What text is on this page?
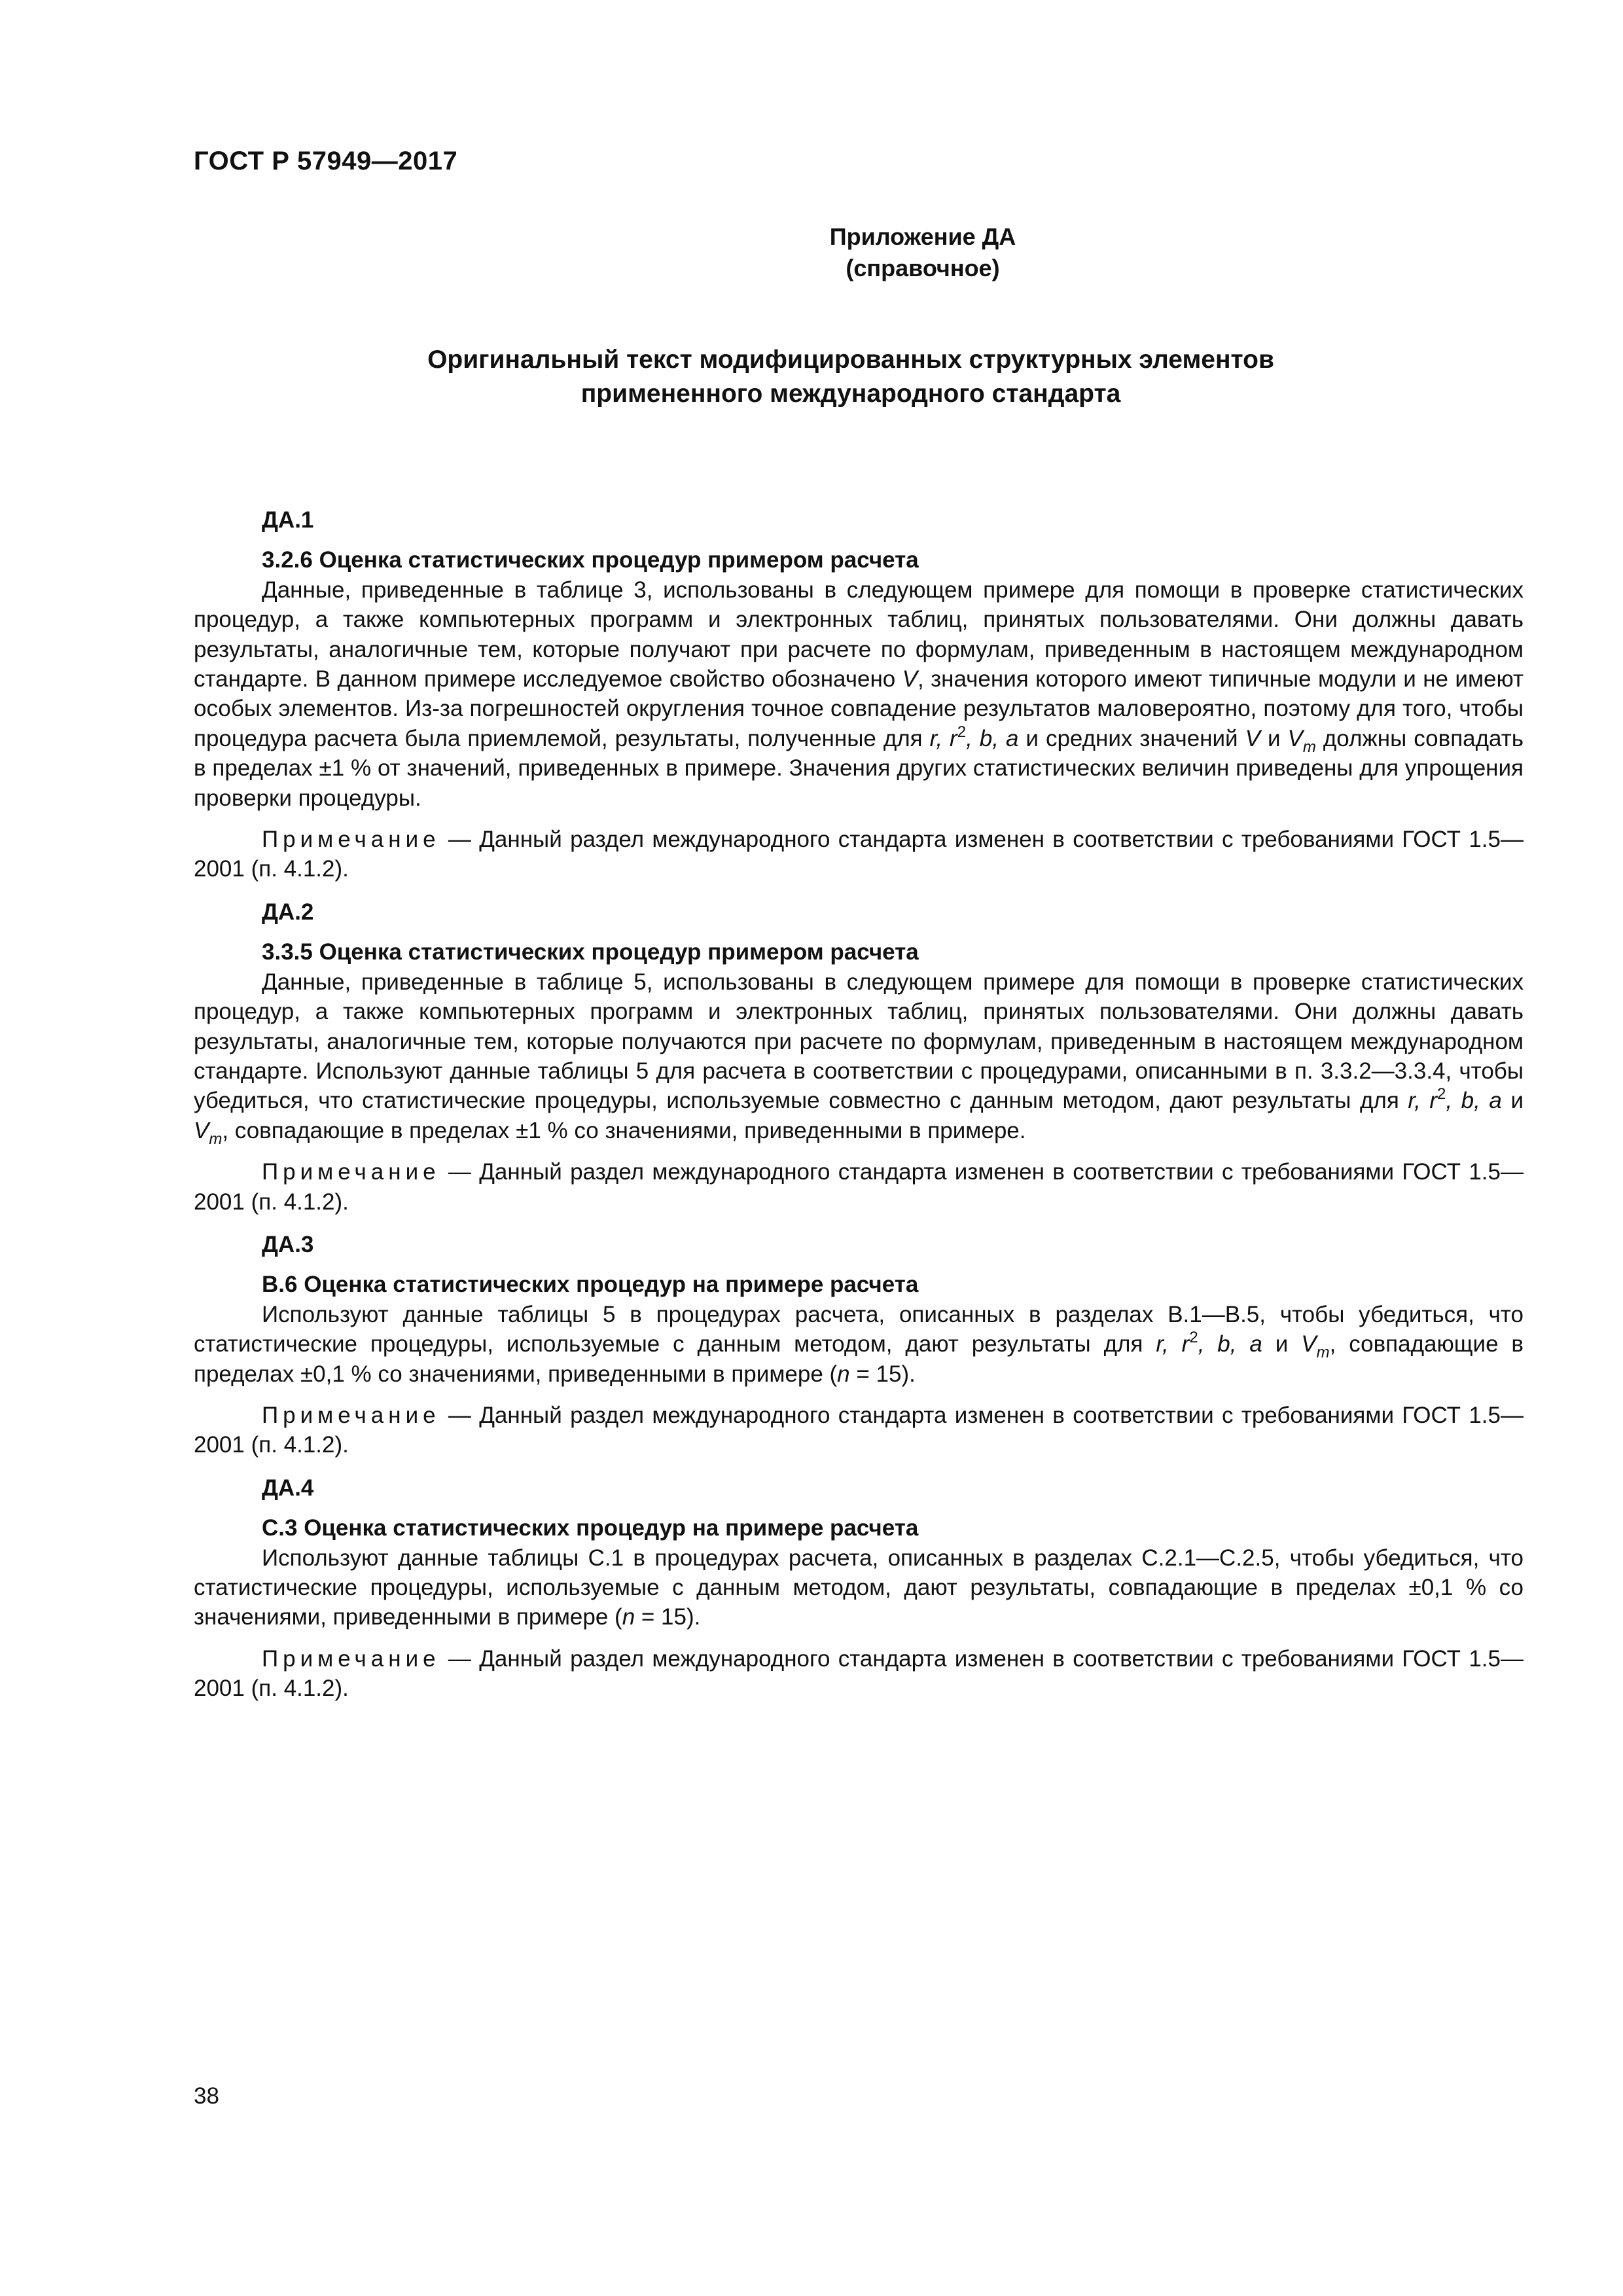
ГОСТ Р 57949—2017
Приложение ДА
(справочное)
Оригинальный текст модифицированных структурных элементов
примененного международного стандарта
ДА.1
3.2.6 Оценка статистических процедур примером расчета

Данные, приведенные в таблице 3, использованы в следующем примере для помощи в проверке статистических процедур, а также компьютерных программ и электронных таблиц, принятых пользователями. Они должны давать результаты, аналогичные тем, которые получают при расчете по формулам, приведенным в настоящем международном стандарте. В данном примере исследуемое свойство обозначено V, значения которого имеют типичные модули и не имеют особых элементов. Из-за погрешностей округления точное совпадение результатов маловероятно, поэтому для того, чтобы процедура расчета была приемлемой, результаты, полученные для r, $r^2$, b, a и средних значений V и $V_m$ должны совпадать в пределах ±1 % от значений, приведенных в примере. Значения других статистических величин приведены для упрощения проверки процедуры.

Примечание — Данный раздел международного стандарта изменен в соответствии с требованиями ГОСТ 1.5—2001 (п. 4.1.2).

ДА.2
3.3.5 Оценка статистических процедур примером расчета

Данные, приведенные в таблице 5, использованы в следующем примере для помощи в проверке статистических процедур, а также компьютерных программ и электронных таблиц, принятых пользователями. Они должны давать результаты, аналогичные тем, которые получаются при расчете по формулам, приведенным в настоящем международном стандарте. Используют данные таблицы 5 для расчета в соответствии с процедурами, описанными в п. 3.3.2—3.3.4, чтобы убедиться, что статистические процедуры, используемые совместно с данным методом, дают результаты для r, $r^2$, b, a и $V_m$, совпадающие в пределах ±1 % со значениями, приведенными в примере.

Примечание — Данный раздел международного стандарта изменен в соответствии с требованиями ГОСТ 1.5—2001 (п. 4.1.2).

ДА.3
В.6 Оценка статистических процедур на примере расчета

Используют данные таблицы 5 в процедурах расчета, описанных в разделах В.1—В.5, чтобы убедиться, что статистические процедуры, используемые с данным методом, дают результаты для r, $r^2$, b, a и $V_m$, совпадающие в пределах ±0,1 % со значениями, приведенными в примере (n = 15).

Примечание — Данный раздел международного стандарта изменен в соответствии с требованиями ГОСТ 1.5—2001 (п. 4.1.2).

ДА.4
С.3 Оценка статистических процедур на примере расчета

Используют данные таблицы С.1 в процедурах расчета, описанных в разделах С.2.1—С.2.5, чтобы убедиться, что статистические процедуры, используемые с данным методом, дают результаты, совпадающие в пределах ±0,1 % со значениями, приведенными в примере (n = 15).

Примечание — Данный раздел международного стандарта изменен в соответствии с требованиями ГОСТ 1.5—2001 (п. 4.1.2).

38
